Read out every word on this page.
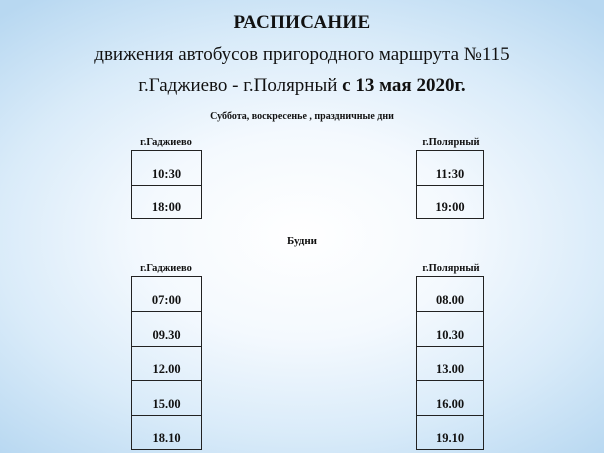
РАСПИСАНИЕ
движения автобусов пригородного маршрута №115
г.Гаджиево - г.Полярный с 13 мая 2020г.
Суббота, воскресенье , праздничные дни
г.Гаджиево
10:30
18:00
г.Полярный
11:30
19:00
Будни
г.Гаджиево
07:00
09.30
12.00
15.00
18.10
г.Полярный
08.00
10.30
13.00
16.00
19.10
